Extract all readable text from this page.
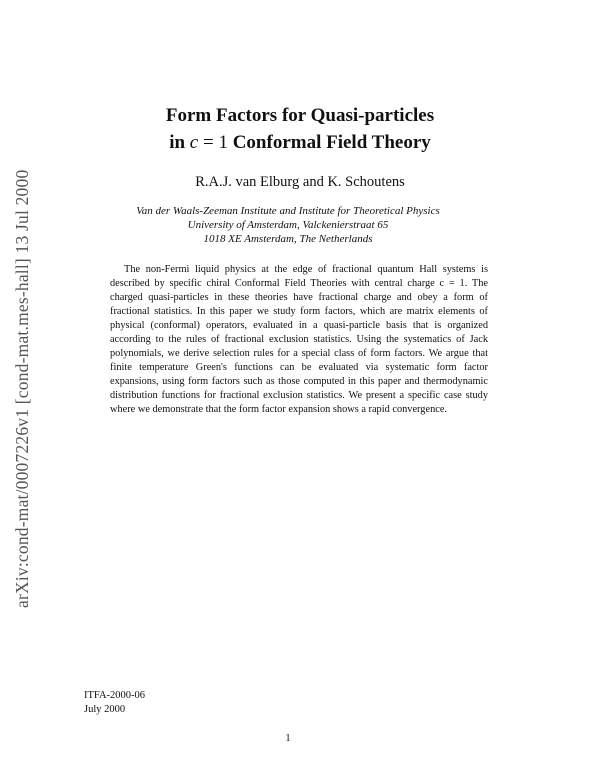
arXiv:cond-mat/0007226v1 [cond-mat.mes-hall] 13 Jul 2000
Form Factors for Quasi-particles
in c = 1 Conformal Field Theory
R.A.J. van Elburg and K. Schoutens
Van der Waals-Zeeman Institute and Institute for Theoretical Physics
University of Amsterdam, Valckenierstraat 65
1018 XE Amsterdam, The Netherlands
The non-Fermi liquid physics at the edge of fractional quantum Hall systems is described by specific chiral Conformal Field Theories with central charge c = 1. The charged quasi-particles in these theories have fractional charge and obey a form of fractional statistics. In this paper we study form factors, which are matrix elements of physical (conformal) operators, evaluated in a quasi-particle basis that is organized according to the rules of fractional exclusion statistics. Using the systematics of Jack polynomials, we derive selection rules for a special class of form factors. We argue that finite temperature Green's functions can be evaluated via systematic form factor expansions, using form factors such as those computed in this paper and thermodynamic distribution functions for fractional exclusion statistics. We present a specific case study where we demonstrate that the form factor expansion shows a rapid convergence.
ITFA-2000-06
July 2000
1
